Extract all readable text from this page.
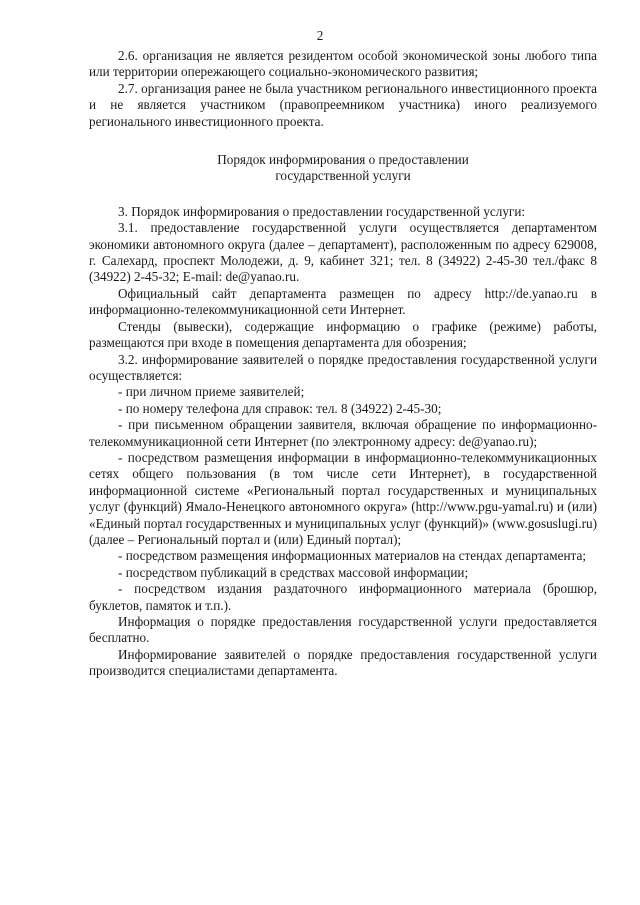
2

2.6. организация не является резидентом особой экономической зоны любого типа или территории опережающего социально-экономического развития;

2.7. организация ранее не была участником регионального инвестиционного проекта и не является участником (правопреемником участника) иного реализуемого регионального инвестиционного проекта.

Порядок информирования о предоставлении
государственной услуги

3. Порядок информирования о предоставлении государственной услуги:

3.1. предоставление государственной услуги осуществляется департаментом экономики автономного округа (далее – департамент), расположенным по адресу 629008, г. Салехард, проспект Молодежи, д. 9, кабинет 321; тел. 8 (34922) 2-45-30 тел./факс 8 (34922) 2-45-32; E-mail: de@yanao.ru.

Официальный сайт департамента размещен по адресу http://de.yanao.ru в информационно-телекоммуникационной сети Интернет.

Стенды (вывески), содержащие информацию о графике (режиме) работы, размещаются при входе в помещения департамента для обозрения;

3.2. информирование заявителей о порядке предоставления государственной услуги осуществляется:

- при личном приеме заявителей;

- по номеру телефона для справок: тел. 8 (34922) 2-45-30;

- при письменном обращении заявителя, включая обращение по информационно-телекоммуникационной сети Интернет (по электронному адресу: de@yanao.ru);

- посредством размещения информации в информационно-телекоммуникационных сетях общего пользования (в том числе сети Интернет), в государственной информационной системе «Региональный портал государственных и муниципальных услуг (функций) Ямало-Ненецкого автономного округа» (http://www.pgu-yamal.ru) и (или) «Единый портал государственных и муниципальных услуг (функций)» (www.gosuslugi.ru) (далее – Региональный портал и (или) Единый портал);

- посредством размещения информационных материалов на стендах департамента;

- посредством публикаций в средствах массовой информации;

- посредством издания раздаточного информационного материала (брошюр, буклетов, памяток и т.п.).

Информация о порядке предоставления государственной услуги предоставляется бесплатно.

Информирование заявителей о порядке предоставления государственной услуги производится специалистами департамента.
